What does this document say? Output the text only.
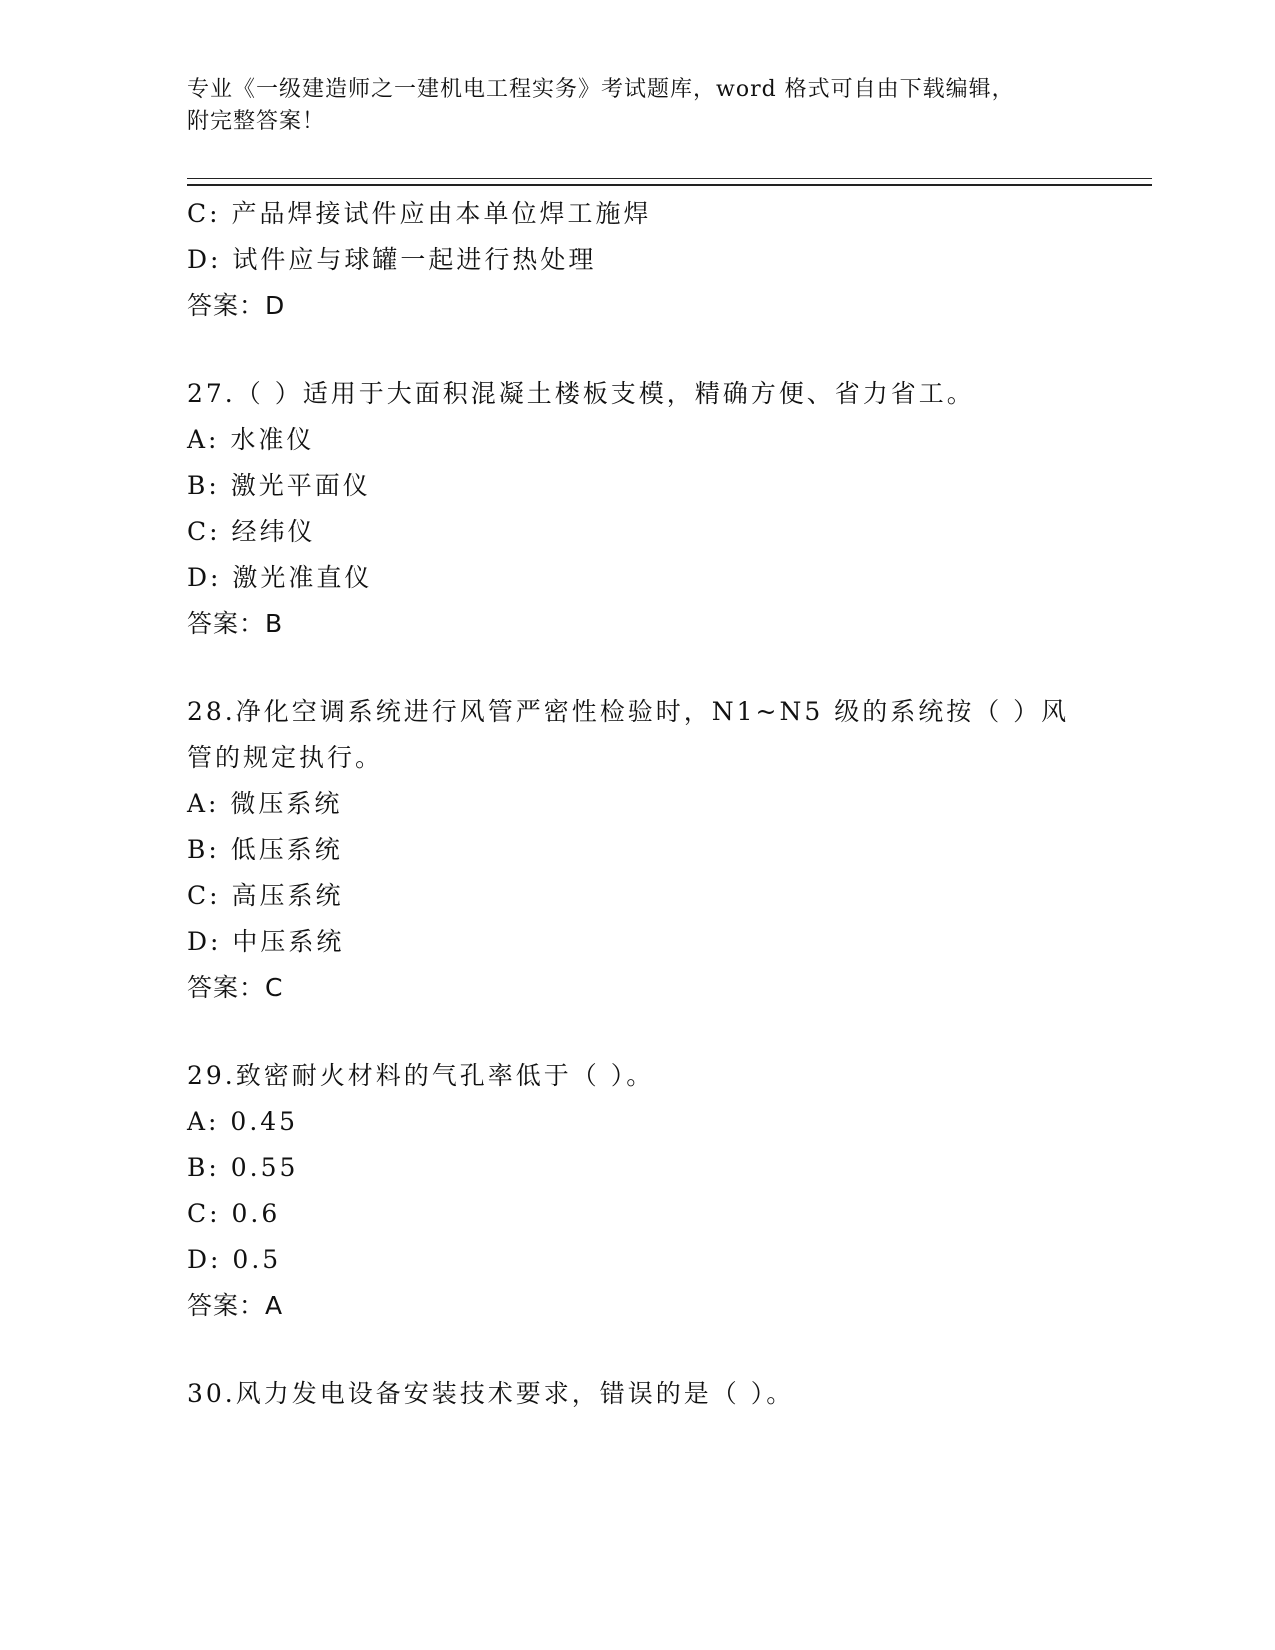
专业《一级建造师之一建机电工程实务》考试题库，word 格式可自由下载编辑，
附完整答案！
C: 产品焊接试件应由本单位焊工施焊
D: 试件应与球罐一起进行热处理
答案：D
27.（ ）适用于大面积混凝土楼板支模，精确方便、省力省工。
A: 水准仪
B: 激光平面仪
C: 经纬仪
D: 激光准直仪
答案：B
28.净化空调系统进行风管严密性检验时，N1~N5 级的系统按（ ）风
管的规定执行。
A: 微压系统
B: 低压系统
C: 高压系统
D: 中压系统
答案：C
29.致密耐火材料的气孔率低于（ ）。
A: 0.45
B: 0.55
C: 0.6
D: 0.5
答案：A
30.风力发电设备安装技术要求，错误的是（ ）。
